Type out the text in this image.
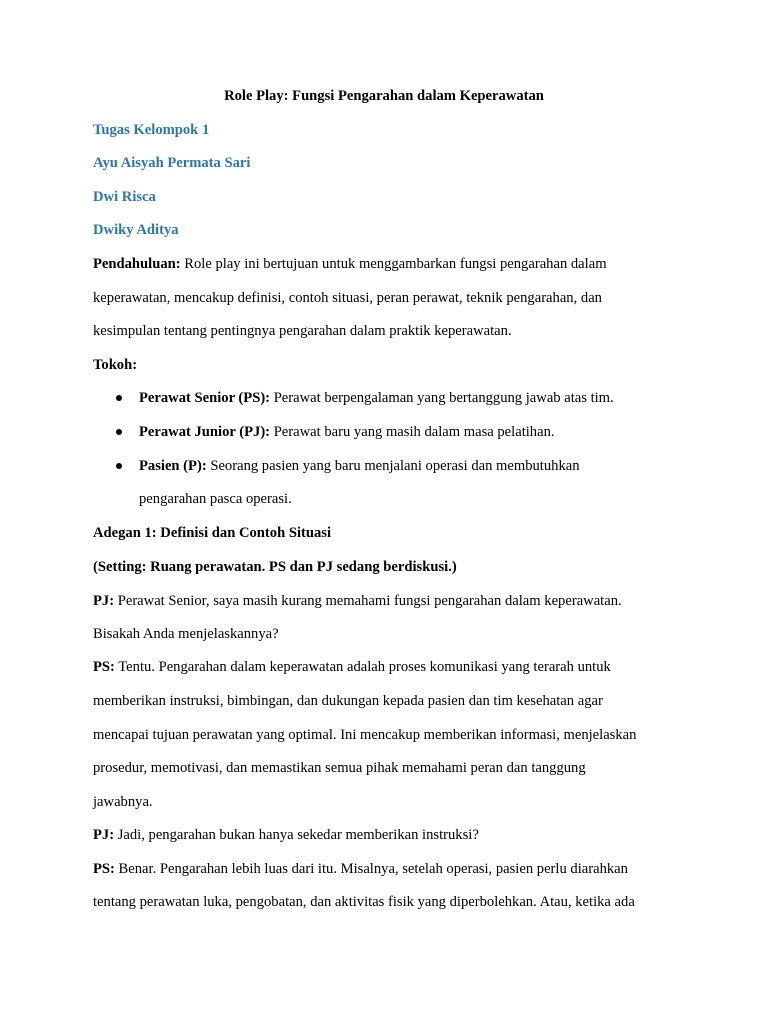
Role Play: Fungsi Pengarahan dalam Keperawatan

Tugas Kelompok 1

Ayu Aisyah Permata Sari

Dwi Risca

Dwiky Aditya

Pendahuluan: Role play ini bertujuan untuk menggambarkan fungsi pengarahan dalam

keperawatan, mencakup definisi, contoh situasi, peran perawat, teknik pengarahan, dan

kesimpulan tentang pentingnya pengarahan dalam praktik keperawatan.

Tokoh:

Perawat Senior (PS): Perawat berpengalaman yang bertanggung jawab atas tim.

Perawat Junior (PJ): Perawat baru yang masih dalam masa pelatihan.

Pasien (P): Seorang pasien yang baru menjalani operasi dan membutuhkan

pengarahan pasca operasi.

Adegan 1: Definisi dan Contoh Situasi

(Setting: Ruang perawatan. PS dan PJ sedang berdiskusi.)

PJ: Perawat Senior, saya masih kurang memahami fungsi pengarahan dalam keperawatan.

Bisakah Anda menjelaskannya?

PS: Tentu. Pengarahan dalam keperawatan adalah proses komunikasi yang terarah untuk

memberikan instruksi, bimbingan, dan dukungan kepada pasien dan tim kesehatan agar

mencapai tujuan perawatan yang optimal. Ini mencakup memberikan informasi, menjelaskan

prosedur, memotivasi, dan memastikan semua pihak memahami peran dan tanggung

jawabnya.

PJ: Jadi, pengarahan bukan hanya sekedar memberikan instruksi?

PS: Benar. Pengarahan lebih luas dari itu. Misalnya, setelah operasi, pasien perlu diarahkan

tentang perawatan luka, pengobatan, dan aktivitas fisik yang diperbolehkan. Atau, ketika ada
